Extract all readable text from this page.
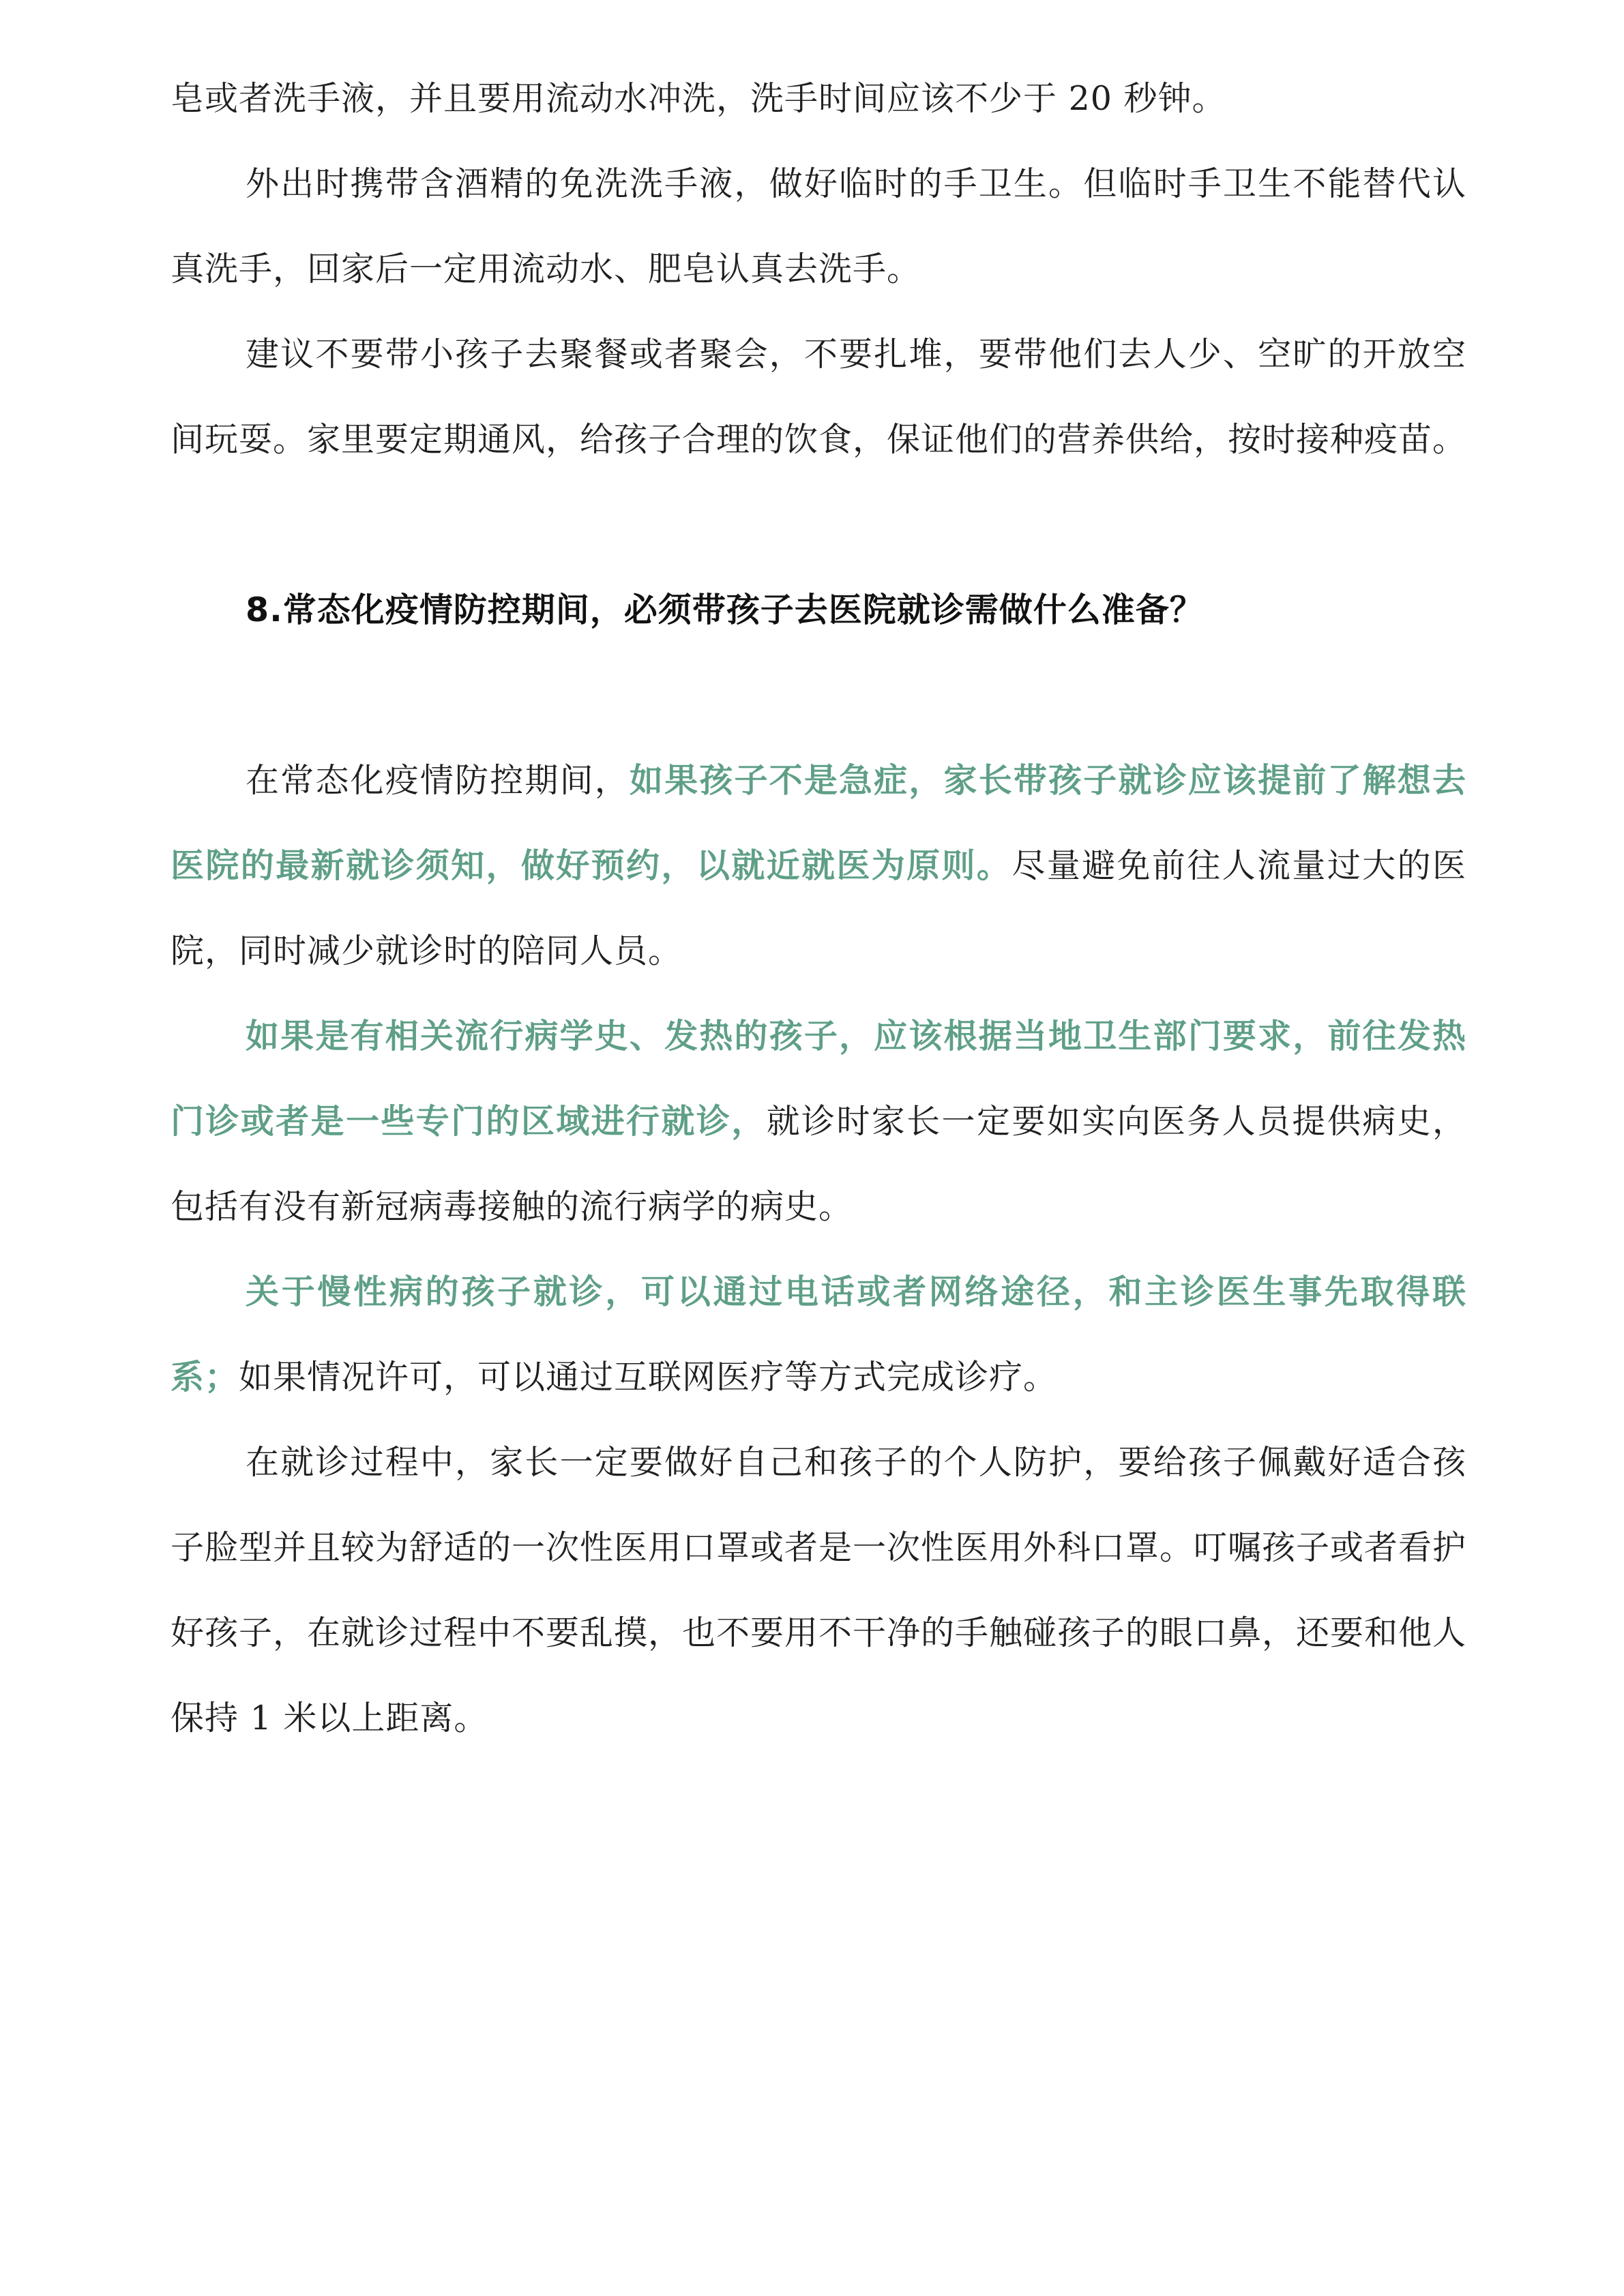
皂或者洗手液，并且要用流动水冲洗，洗手时间应该不少于 20 秒钟。

外出时携带含酒精的免洗洗手液，做好临时的手卫生。但临时手卫生不能替代认真洗手，回家后一定用流动水、肥皂认真去洗手。

建议不要带小孩子去聚餐或者聚会，不要扎堆，要带他们去人少、空旷的开放空间玩耍。家里要定期通风，给孩子合理的饮食，保证他们的营养供给，按时接种疫苗。

8.常态化疫情防控期间，必须带孩子去医院就诊需做什么准备？

在常态化疫情防控期间，如果孩子不是急症，家长带孩子就诊应该提前了解想去医院的最新就诊须知，做好预约，以就近就医为原则。尽量避免前往人流量过大的医院，同时减少就诊时的陪同人员。

如果是有相关流行病学史、发热的孩子，应该根据当地卫生部门要求，前往发热门诊或者是一些专门的区域进行就诊，就诊时家长一定要如实向医务人员提供病史，包括有没有新冠病毒接触的流行病学的病史。

关于慢性病的孩子就诊，可以通过电话或者网络途径，和主诊医生事先取得联系；如果情况许可，可以通过互联网医疗等方式完成诊疗。

在就诊过程中，家长一定要做好自己和孩子的个人防护，要给孩子佩戴好适合孩子脸型并且较为舒适的一次性医用口罩或者是一次性医用外科口罩。叮嘱孩子或者看护好孩子，在就诊过程中不要乱摸，也不要用不干净的手触碰孩子的眼口鼻，还要和他人保持 1 米以上距离。
